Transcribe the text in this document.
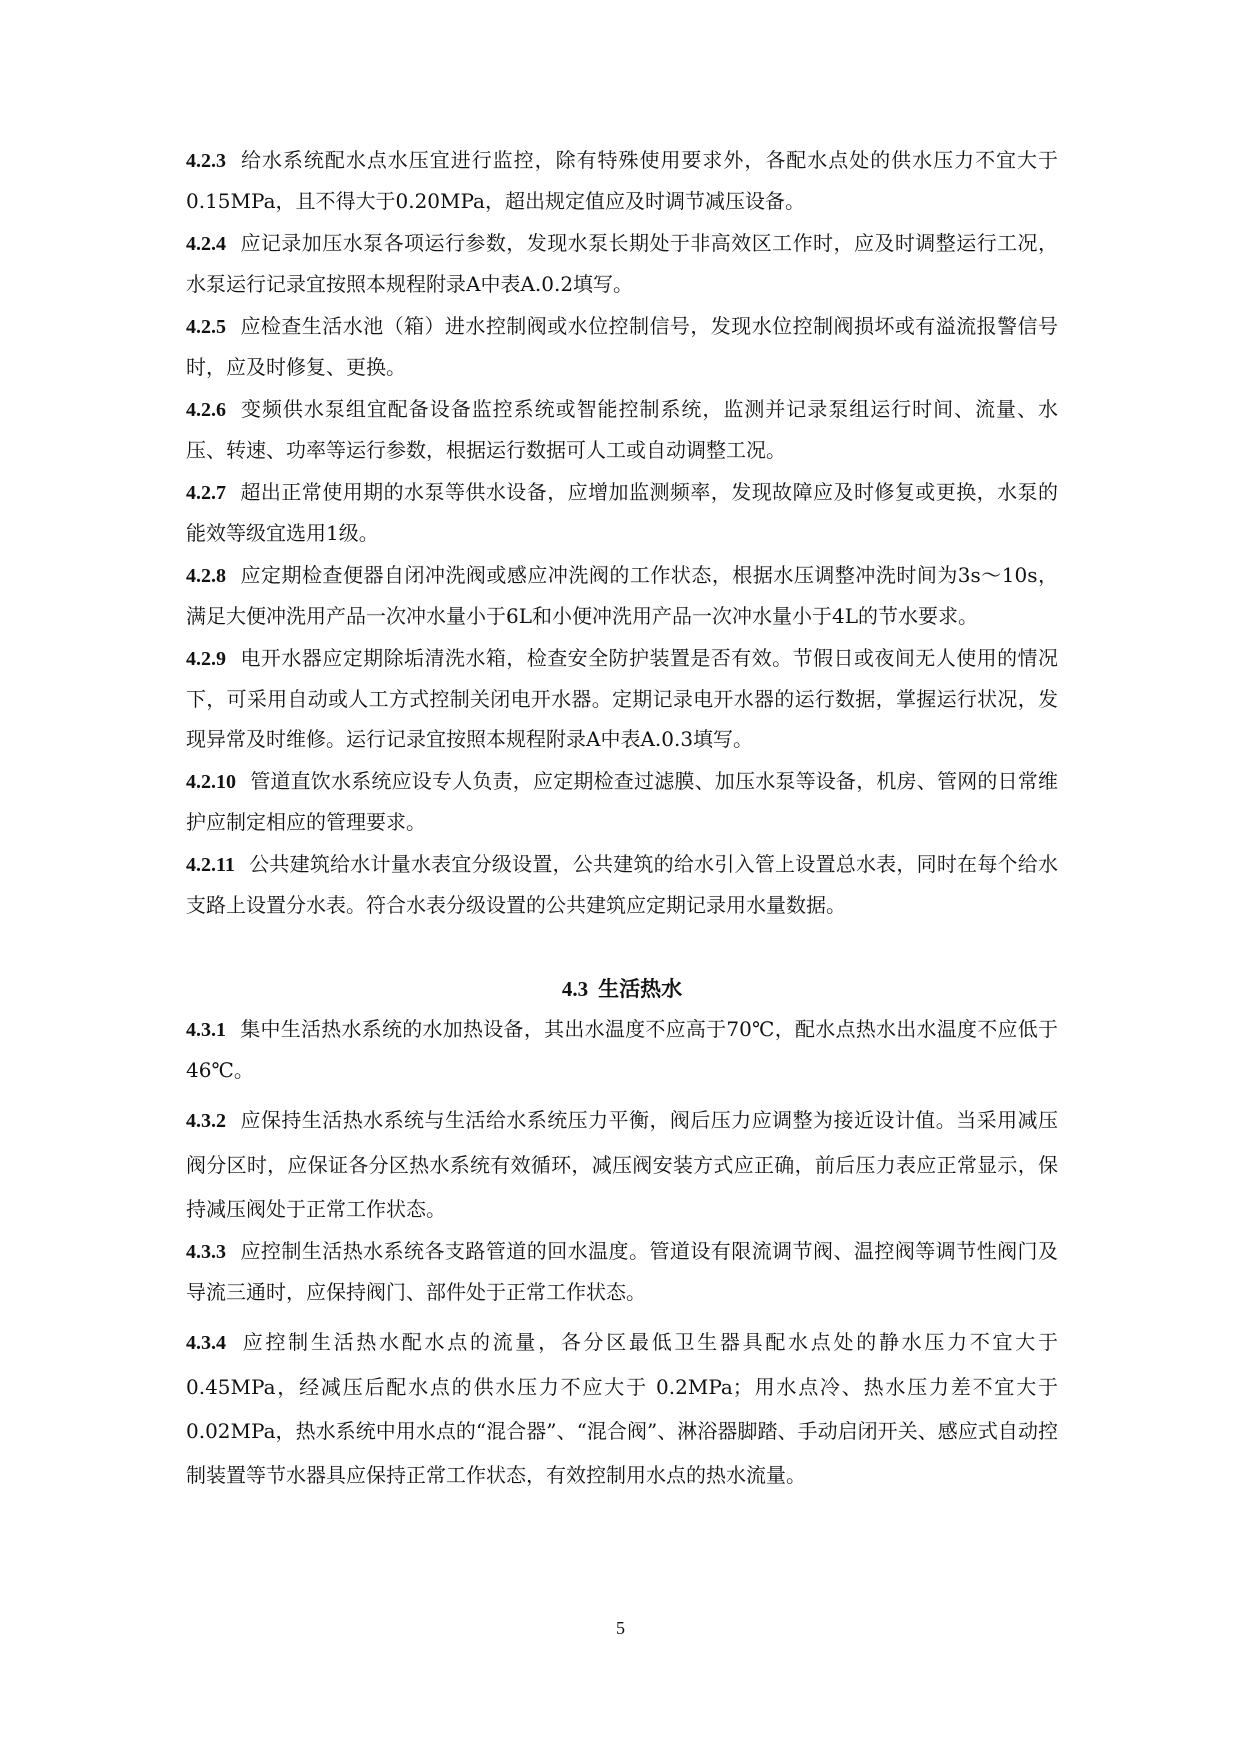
4.2.3 给水系统配水点水压宜进行监控，除有特殊使用要求外，各配水点处的供水压力不宜大于0.15MPa，且不得大于0.20MPa，超出规定值应及时调节减压设备。

4.2.4 应记录加压水泵各项运行参数，发现水泵长期处于非高效区工作时，应及时调整运行工况，水泵运行记录宜按照本规程附录A中表A.0.2填写。

4.2.5 应检查生活水池（箱）进水控制阀或水位控制信号，发现水位控制阀损坏或有溢流报警信号时，应及时修复、更换。

4.2.6 变频供水泵组宜配备设备监控系统或智能控制系统，监测并记录泵组运行时间、流量、水压、转速、功率等运行参数，根据运行数据可人工或自动调整工况。

4.2.7 超出正常使用期的水泵等供水设备，应增加监测频率，发现故障应及时修复或更换，水泵的能效等级宜选用1级。

4.2.8 应定期检查便器自闭冲洗阀或感应冲洗阀的工作状态，根据水压调整冲洗时间为3s～10s，满足大便冲洗用产品一次冲水量小于6L和小便冲洗用产品一次冲水量小于4L的节水要求。

4.2.9 电开水器应定期除垢清洗水箱，检查安全防护装置是否有效。节假日或夜间无人使用的情况下，可采用自动或人工方式控制关闭电开水器。定期记录电开水器的运行数据，掌握运行状况，发现异常及时维修。运行记录宜按照本规程附录A中表A.0.3填写。

4.2.10 管道直饮水系统应设专人负责，应定期检查过滤膜、加压水泵等设备，机房、管网的日常维护应制定相应的管理要求。

4.2.11 公共建筑给水计量水表宜分级设置，公共建筑的给水引入管上设置总水表，同时在每个给水支路上设置分水表。符合水表分级设置的公共建筑应定期记录用水量数据。

4.3 生活热水

4.3.1 集中生活热水系统的水加热设备，其出水温度不应高于70℃，配水点热水出水温度不应低于46℃。

4.3.2 应保持生活热水系统与生活给水系统压力平衡，阀后压力应调整为接近设计值。当采用减压阀分区时，应保证各分区热水系统有效循环，减压阀安装方式应正确，前后压力表应正常显示，保持减压阀处于正常工作状态。

4.3.3 应控制生活热水系统各支路管道的回水温度。管道设有限流调节阀、温控阀等调节性阀门及导流三通时，应保持阀门、部件处于正常工作状态。

4.3.4 应控制生活热水配水点的流量，各分区最低卫生器具配水点处的静水压力不宜大于0.45MPa，经减压后配水点的供水压力不应大于 0.2MPa；用水点冷、热水压力差不宜大于0.02MPa，热水系统中用水点的“混合器”、“混合阀”、淋浴器脚踏、手动启闭开关、感应式自动控制装置等节水器具应保持正常工作状态，有效控制用水点的热水流量。

5
